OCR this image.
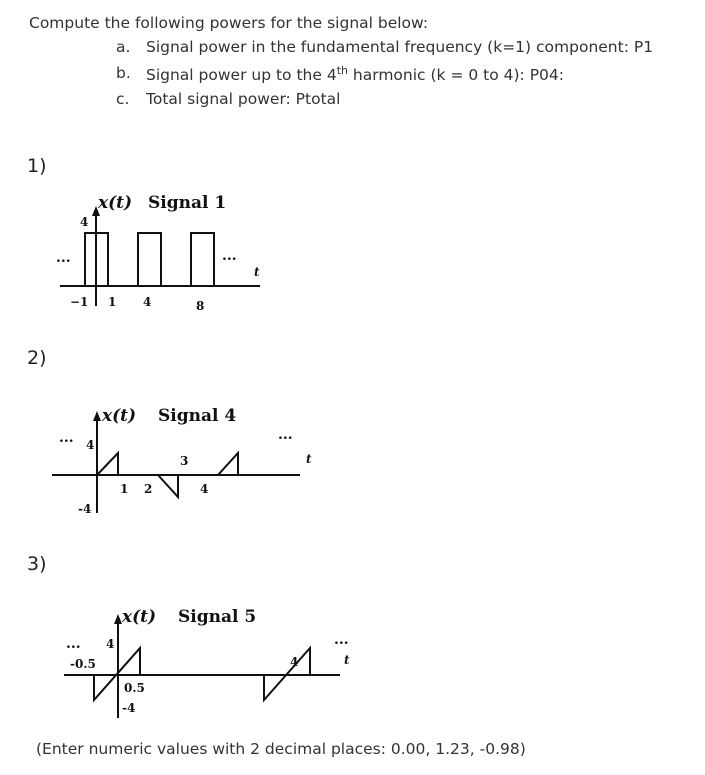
Compute the following powers for the signal below:
a. Signal power in the fundamental frequency (k=1) component: P1
b. Signal power up to the 4th harmonic (k = 0 to 4): P04:
c. Total signal power: Ptotal
1)
x(t) Signal 1
4
...	...
t
−1 1 4	8
2)
x(t) Signal 4
...	...
4
-4
t
1 2
3
4
3)
x(t) Signal 5
...	...
4
-4
-0.5
0.5
4	t
(Enter numeric values with 2 decimal places: 0.00, 1.23, -0.98)
